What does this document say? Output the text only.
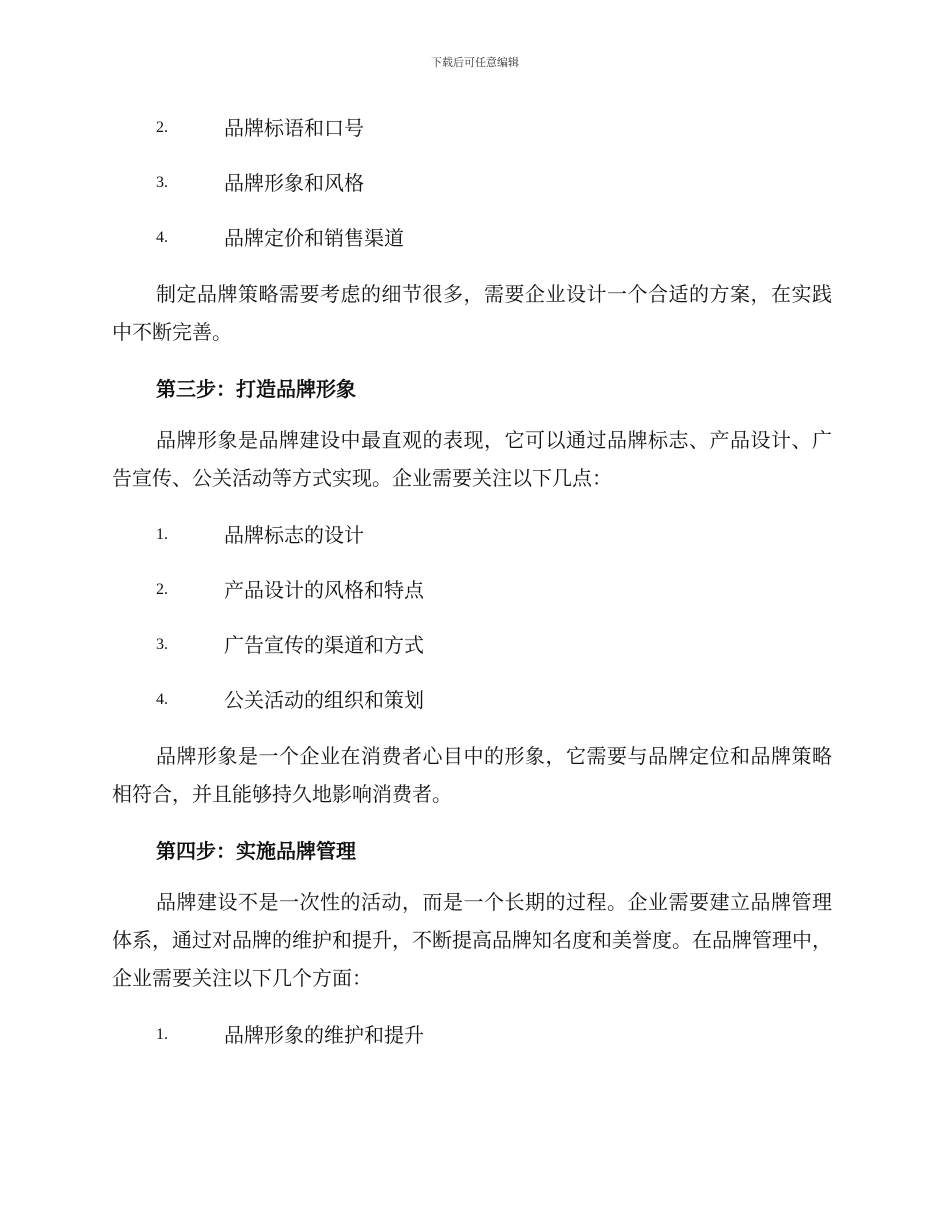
下载后可任意编辑
2.	品牌标语和口号
3.	品牌形象和风格
4.	品牌定价和销售渠道

制定品牌策略需要考虑的细节很多，需要企业设计一个合适的方案，在实践中不断完善。

第三步：打造品牌形象

品牌形象是品牌建设中最直观的表现，它可以通过品牌标志、产品设计、广告宣传、公关活动等方式实现。企业需要关注以下几点：

1.	品牌标志的设计
2.	产品设计的风格和特点
3.	广告宣传的渠道和方式
4.	公关活动的组织和策划

品牌形象是一个企业在消费者心目中的形象，它需要与品牌定位和品牌策略相符合，并且能够持久地影响消费者。

第四步：实施品牌管理

品牌建设不是一次性的活动，而是一个长期的过程。企业需要建立品牌管理体系，通过对品牌的维护和提升，不断提高品牌知名度和美誉度。在品牌管理中，企业需要关注以下几个方面：

1.	品牌形象的维护和提升
